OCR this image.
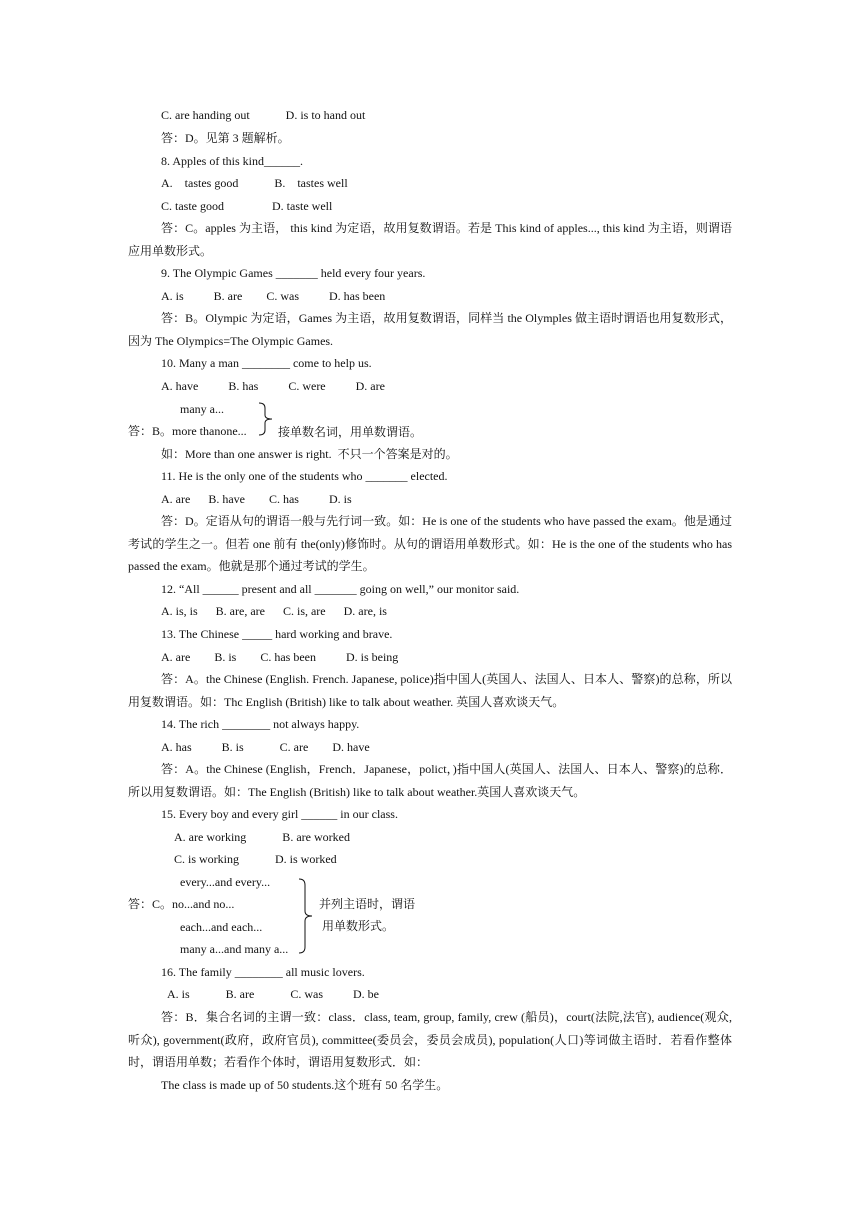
C. are handing out            D. is to hand out
答：D。见第 3 题解析。
8. Apples of this kind______.
A.    tastes good            B.    tastes well
C. taste good                D. taste well
答：C。apples 为主语， this kind 为定语，故用复数谓语。若是 This kind of apples..., this kind 为主语，则谓语应用单数形式。
9. The Olympic Games _______ held every four years.
A. is          B. are        C. was          D. has been
答：B。Olympic 为定语，Games 为主语，故用复数谓语，同样当 the Olymples 做主语时谓语也用复数形式，因为 The Olympics=The Olympic Games.
10. Many a man ________ come to help us.
A. have          B. has          C. were          D. are
many a...
答：B。more thanone...	接单数名词，用单数谓语。
如：More than one answer is right.  不只一个答案是对的。
11. He is the only one of the students who _______ elected.
A. are      B. have        C. has          D. is
答：D。定语从句的谓语一般与先行词一致。如：He is one of the students who have passed the exam。他是通过考试的学生之一。但若 one 前有 the(only)修饰时。从句的谓语用单数形式。如：He is the one of the students who has passed the exam。他就是那个通过考试的学生。
12. “All ______ present and all _______ going on well,” our monitor said.
A. is, is      B. are, are      C. is, are      D. are, is
13. The Chinese _____ hard working and brave.
A. are        B. is        C. has been          D. is being
答：A。the Chinese (English. French. Japanese, police)指中国人(英国人、法国人、日本人、警察)的总称，所以用复数谓语。如：Thc English (British) like to talk about weather. 英国人喜欢谈天气。
14. The rich ________ not always happy.
A. has          B. is            C. are        D. have
答：A。the Chinese (English，French．Japanese，polict，)指中国人(英国人、法国人、日本人、警察)的总称．所以用复数谓语。如：The English (British) like to talk about weather.英国人喜欢谈天气。
15. Every boy and every girl ______ in our class.
A. are working            B. are worked
C. is working            D. is worked
every...and every...
答：C。no...and no...
each...and each...
many a...and many a...
并列主语时，谓语
用单数形式。
16. The family ________ all music lovers.
A. is            B. are            C. was          D. be
答：B．集合名词的主谓一致：class．class, team, group, family, crew (船员)，court(法院,法官), audience(观众, 听众), government(政府，政府官员), committee(委员会，委员会成员), population(人口)等词做主语时．若看作整体时，谓语用单数；若看作个体时，谓语用复数形式．如：
The class is made up of 50 students.这个班有 50 名学生。
